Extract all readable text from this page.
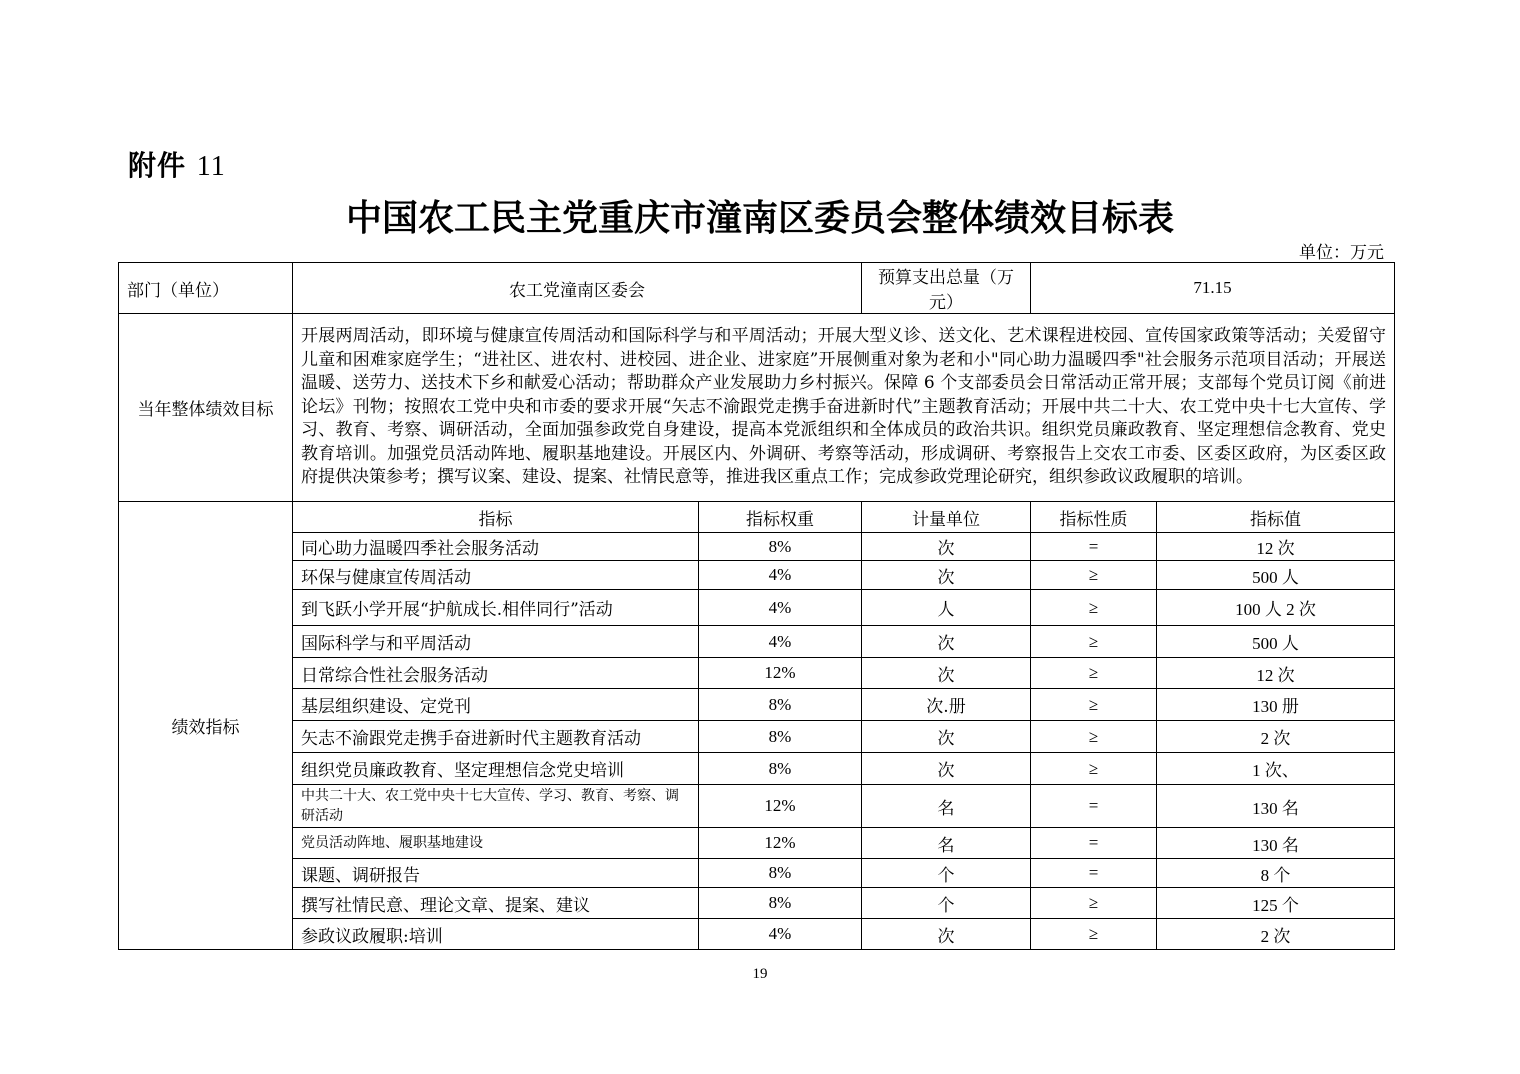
附件 11
中国农工民主党重庆市潼南区委员会整体绩效目标表
单位：万元
部门（单位）	农工党潼南区委会		预算支出总量（万元）	71.15	
当年整体绩效目标	开展两周活动，即环境与健康宣传周活动和国际科学与和平周活动；开展大型义诊、送文化、艺术课程进校园、宣传国家政策等活动；关爱留守儿童和困难家庭学生；“进社区、进农村、进校园、进企业、进家庭”开展侧重对象为老和小"同心助力温暖四季"社会服务示范项目活动；开展送温暖、送劳力、送技术下乡和献爱心活动；帮助群众产业发展助力乡村振兴。保障 6 个支部委员会日常活动正常开展；支部每个党员订阅《前进论坛》刊物；按照农工党中央和市委的要求开展“矢志不渝跟党走携手奋进新时代”主题教育活动；开展中共二十大、农工党中央十七大宣传、学习、教育、考察、调研活动，全面加强参政党自身建设，提高本党派组织和全体成员的政治共识。组织党员廉政教育、坚定理想信念教育、党史教育培训。加强党员活动阵地、履职基地建设。开展区内、外调研、考察等活动，形成调研、考察报告上交农工市委、区委区政府，为区委区政府提供决策参考；撰写议案、建设、提案、社情民意等，推进我区重点工作；完成参政党理论研究，组织参政议政履职的培训。				
绩效指标	指标	指标权重	计量单位	指标性质	指标值
	同心助力温暖四季社会服务活动	8%	次	=	12 次
	环保与健康宣传周活动	4%	次	≥	500 人
	到飞跃小学开展“护航成长.相伴同行”活动	4%	人	≥	100 人 2 次
	国际科学与和平周活动	4%	次	≥	500 人
	日常综合性社会服务活动	12%	次	≥	12 次
	基层组织建设、定党刊	8%	次.册	≥	130 册
	矢志不渝跟党走携手奋进新时代主题教育活动	8%	次	≥	2 次
	组织党员廉政教育、坚定理想信念党史培训	8%	次	≥	1 次、
	中共二十大、农工党中央十七大宣传、学习、教育、考察、调研活动	12%	名	=	130 名
	党员活动阵地、履职基地建设	12%	名	=	130 名
	课题、调研报告	8%	个	=	8 个
	撰写社情民意、理论文章、提案、建议	8%	个	≥	125 个
	参政议政履职:培训	4%	次	≥	2 次
19
